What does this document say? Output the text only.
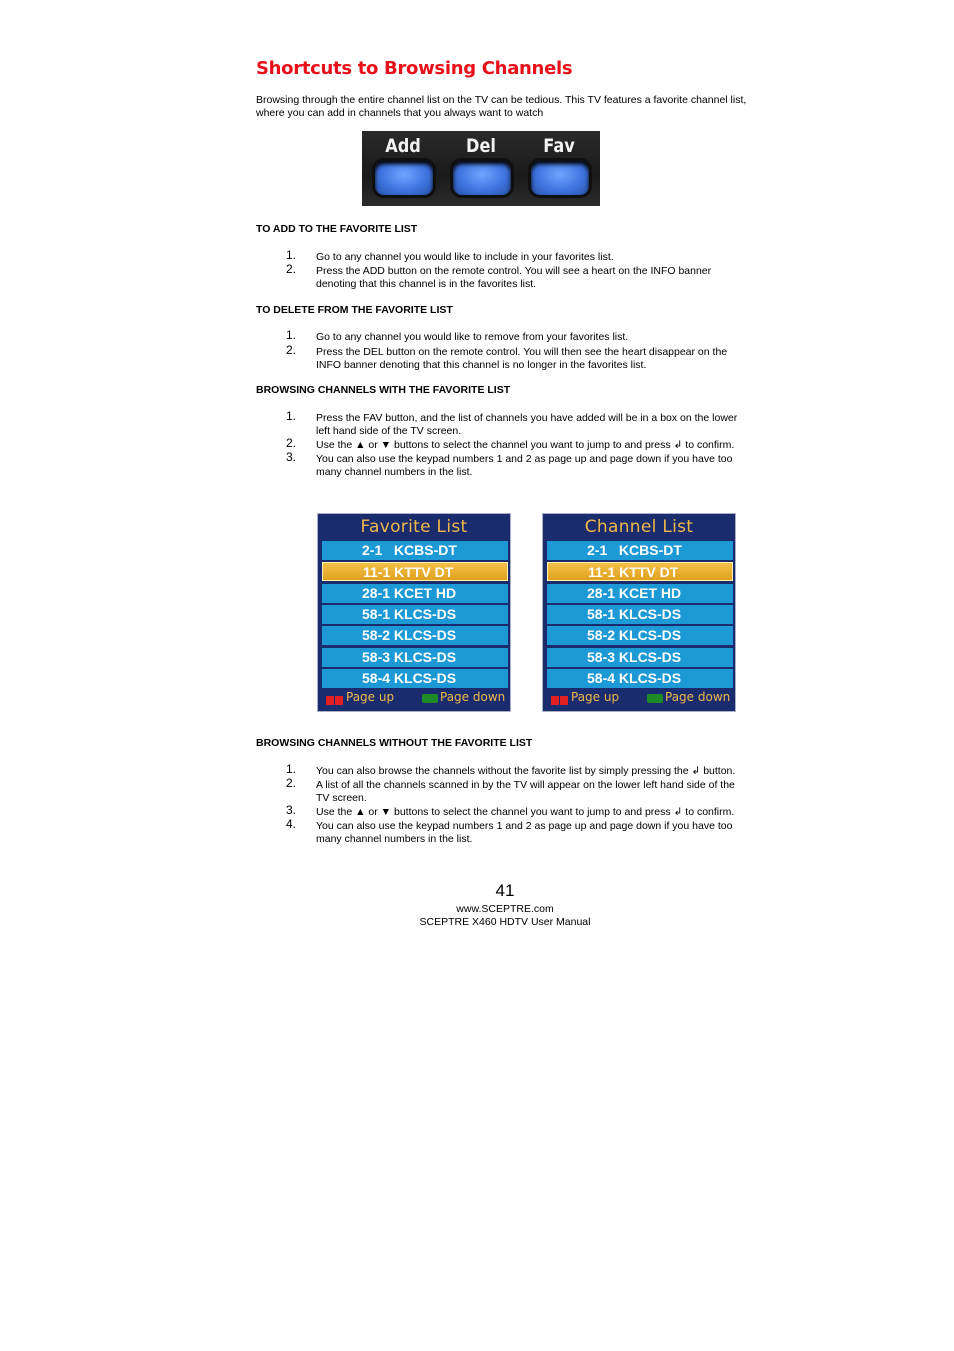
Shortcuts to Browsing Channels
Browsing through the entire channel list on the TV can be tedious. This TV features a favorite channel list, where you can add in channels that you always want to watch
Add	Del	Fav
TO ADD TO THE FAVORITE LIST
1. Go to any channel you would like to include in your favorites list.
2. Press the ADD button on the remote control. You will see a heart on the INFO banner denoting that this channel is in the favorites list.
TO DELETE FROM THE FAVORITE LIST
1. Go to any channel you would like to remove from your favorites list.
2. Press the DEL button on the remote control. You will then see the heart disappear on the INFO banner denoting that this channel is no longer in the favorites list.
BROWSING CHANNELS WITH THE FAVORITE LIST
1. Press the FAV button, and the list of channels you have added will be in a box on the lower left hand side of the TV screen.
2. Use the ▲ or ▼ buttons to select the channel you want to jump to and press ↲ to confirm.
3. You can also use the keypad numbers 1 and 2 as page up and page down if you have too many channel numbers in the list.
Favorite List
2-1   KCBS-DT
11-1 KTTV DT
28-1 KCET HD
58-1 KLCS-DS
58-2 KLCS-DS
58-3 KLCS-DS
58-4 KLCS-DS
Page up	Page down
Channel List
2-1   KCBS-DT
11-1 KTTV DT
28-1 KCET HD
58-1 KLCS-DS
58-2 KLCS-DS
58-3 KLCS-DS
58-4 KLCS-DS
Page up	Page down
BROWSING CHANNELS WITHOUT THE FAVORITE LIST
1. You can also browse the channels without the favorite list by simply pressing the ↲ button.
2. A list of all the channels scanned in by the TV will appear on the lower left hand side of the TV screen.
3. Use the ▲ or ▼ buttons to select the channel you want to jump to and press ↲ to confirm.
4. You can also use the keypad numbers 1 and 2 as page up and page down if you have too many channel numbers in the list.
41
www.SCEPTRE.com
SCEPTRE X460 HDTV User Manual
